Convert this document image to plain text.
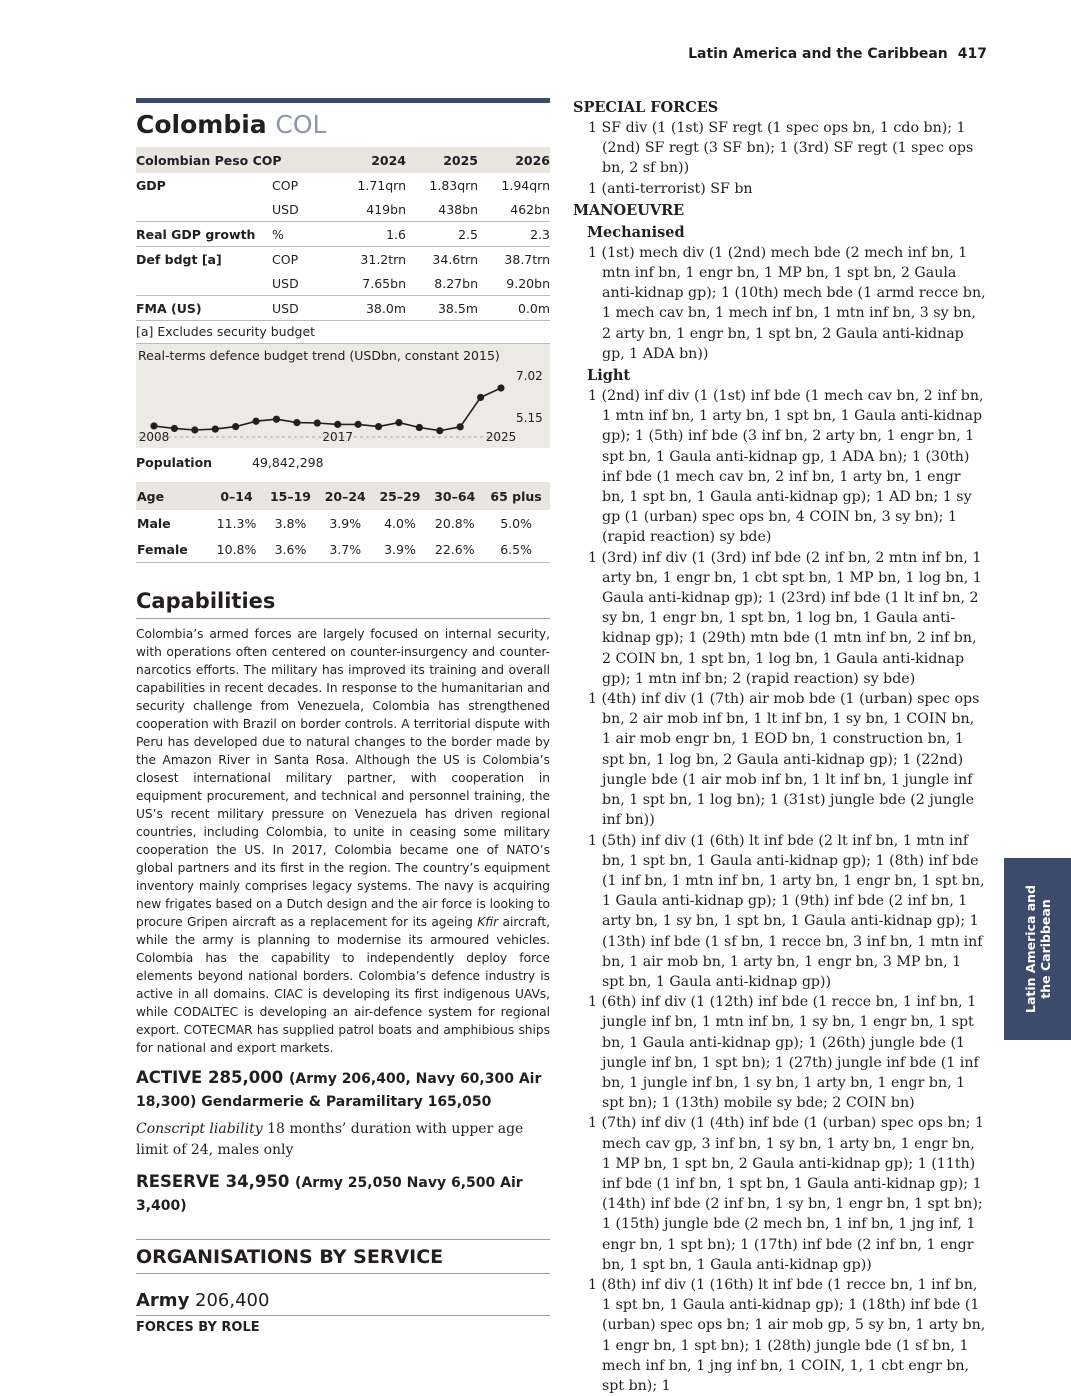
Latin America and the Caribbean 417
Colombia COL
Colombian Peso COP		2024	2025	2026
GDP	COP	1.71qrn	1.83qrn	1.94qrn
	USD	419bn	438bn	462bn
Real GDP growth	%	1.6	2.5	2.3
Def bdgt [a]	COP	31.2trn	34.6trn	38.7trn
	USD	7.65bn	8.27bn	9.20bn
FMA (US)	USD	38.0m	38.5m	0.0m
[a] Excludes security budget
Real-terms defence budget trend (USDbn, constant 2015)
7.02
5.15
2008	2017	2025
Population	49,842,298
Age	0–14	15–19	20–24	25–29	30–64	65 plus
Male	11.3%	3.8%	3.9%	4.0%	20.8%	5.0%
Female	10.8%	3.6%	3.7%	3.9%	22.6%	6.5%
Capabilities

Colombia’s armed forces are largely focused on internal security, with operations often centered on counter-insurgency and counter-narcotics efforts. The military has improved its training and overall capabilities in recent decades. In response to the humanitarian and security challenge from Venezuela, Colombia has strengthened cooperation with Brazil on border controls. A territorial dispute with Peru has developed due to natural changes to the border made by the Amazon River in Santa Rosa. Although the US is Colombia’s closest international military partner, with cooperation in equipment procurement, and technical and personnel training, the US’s recent military pressure on Venezuela has driven regional countries, including Colombia, to unite in ceasing some military cooperation the US. In 2017, Colombia became one of NATO’s global partners and its first in the region. The country’s equipment inventory mainly comprises legacy systems. The navy is acquiring new frigates based on a Dutch design and the air force is looking to procure Gripen aircraft as a replacement for its ageing Kfir aircraft, while the army is planning to modernise its armoured vehicles. Colombia has the capability to independently deploy force elements beyond national borders. Colombia’s defence industry is active in all domains. CIAC is developing its first indigenous UAVs, while CODALTEC is developing an air-defence system for regional export. COTECMAR has supplied patrol boats and amphibious ships for national and export markets.

ACTIVE 285,000 (Army 206,400, Navy 60,300 Air 18,300) Gendarmerie & Paramilitary 165,050
Conscript liability 18 months’ duration with upper age limit of 24, males only
RESERVE 34,950 (Army 25,050 Navy 6,500 Air 3,400)
ORGANISATIONS BY SERVICE
Army 206,400
FORCES BY ROLE
SPECIAL FORCES
1 SF div (1 (1st) SF regt (1 spec ops bn, 1 cdo bn); 1 (2nd) SF regt (3 SF bn); 1 (3rd) SF regt (1 spec ops bn, 2 sf bn))
1 (anti-terrorist) SF bn
MANOEUVRE
Mechanised
1 (1st) mech div (1 (2nd) mech bde (2 mech inf bn, 1 mtn inf bn, 1 engr bn, 1 MP bn, 1 spt bn, 2 Gaula anti-kidnap gp); 1 (10th) mech bde (1 armd recce bn, 1 mech cav bn, 1 mech inf bn, 1 mtn inf bn, 3 sy bn, 2 arty bn, 1 engr bn, 1 spt bn, 2 Gaula anti-kidnap gp, 1 ADA bn))
Light
1 (2nd) inf div (1 (1st) inf bde (1 mech cav bn, 2 inf bn, 1 mtn inf bn, 1 arty bn, 1 spt bn, 1 Gaula anti-kidnap gp); 1 (5th) inf bde (3 inf bn, 2 arty bn, 1 engr bn, 1 spt bn, 1 Gaula anti-kidnap gp, 1 ADA bn); 1 (30th) inf bde (1 mech cav bn, 2 inf bn, 1 arty bn, 1 engr bn, 1 spt bn, 1 Gaula anti-kidnap gp); 1 AD bn; 1 sy gp (1 (urban) spec ops bn, 4 COIN bn, 3 sy bn); 1 (rapid reaction) sy bde)
1 (3rd) inf div (1 (3rd) inf bde (2 inf bn, 2 mtn inf bn, 1 arty bn, 1 engr bn, 1 cbt spt bn, 1 MP bn, 1 log bn, 1 Gaula anti-kidnap gp); 1 (23rd) inf bde (1 lt inf bn, 2 sy bn, 1 engr bn, 1 spt bn, 1 log bn, 1 Gaula anti-kidnap gp); 1 (29th) mtn bde (1 mtn inf bn, 2 inf bn, 2 COIN bn, 1 spt bn, 1 log bn, 1 Gaula anti-kidnap gp); 1 mtn inf bn; 2 (rapid reaction) sy bde)
1 (4th) inf div (1 (7th) air mob bde (1 (urban) spec ops bn, 2 air mob inf bn, 1 lt inf bn, 1 sy bn, 1 COIN bn, 1 air mob engr bn, 1 EOD bn, 1 construction bn, 1 spt bn, 1 log bn, 2 Gaula anti-kidnap gp); 1 (22nd) jungle bde (1 air mob inf bn, 1 lt inf bn, 1 jungle inf bn, 1 spt bn, 1 log bn); 1 (31st) jungle bde (2 jungle inf bn))
1 (5th) inf div (1 (6th) lt inf bde (2 lt inf bn, 1 mtn inf bn, 1 spt bn, 1 Gaula anti-kidnap gp); 1 (8th) inf bde (1 inf bn, 1 mtn inf bn, 1 arty bn, 1 engr bn, 1 spt bn, 1 Gaula anti-kidnap gp); 1 (9th) inf bde (2 inf bn, 1 arty bn, 1 sy bn, 1 spt bn, 1 Gaula anti-kidnap gp); 1 (13th) inf bde (1 sf bn, 1 recce bn, 3 inf bn, 1 mtn inf bn, 1 air mob bn, 1 arty bn, 1 engr bn, 3 MP bn, 1 spt bn, 1 Gaula anti-kidnap gp))
1 (6th) inf div (1 (12th) inf bde (1 recce bn, 1 inf bn, 1 jungle inf bn, 1 mtn inf bn, 1 sy bn, 1 engr bn, 1 spt bn, 1 Gaula anti-kidnap gp); 1 (26th) jungle bde (1 jungle inf bn, 1 spt bn); 1 (27th) jungle inf bde (1 inf bn, 1 jungle inf bn, 1 sy bn, 1 arty bn, 1 engr bn, 1 spt bn); 1 (13th) mobile sy bde; 2 COIN bn)
1 (7th) inf div (1 (4th) inf bde (1 (urban) spec ops bn; 1 mech cav gp, 3 inf bn, 1 sy bn, 1 arty bn, 1 engr bn, 1 MP bn, 1 spt bn, 2 Gaula anti-kidnap gp); 1 (11th) inf bde (1 inf bn, 1 spt bn, 1 Gaula anti-kidnap gp); 1 (14th) inf bde (2 inf bn, 1 sy bn, 1 engr bn, 1 spt bn); 1 (15th) jungle bde (2 mech bn, 1 inf bn, 1 jng inf, 1 engr bn, 1 spt bn); 1 (17th) inf bde (2 inf bn, 1 engr bn, 1 spt bn, 1 Gaula anti-kidnap gp))
1 (8th) inf div (1 (16th) lt inf bde (1 recce bn, 1 inf bn, 1 spt bn, 1 Gaula anti-kidnap gp); 1 (18th) inf bde (1 (urban) spec ops bn; 1 air mob gp, 5 sy bn, 1 arty bn, 1 engr bn, 1 spt bn); 1 (28th) jungle bde (1 sf bn, 1 mech inf bn, 1 jng inf bn, 1 COIN, 1, 1 cbt engr bn, spt bn); 1
Latin America and the Caribbean
